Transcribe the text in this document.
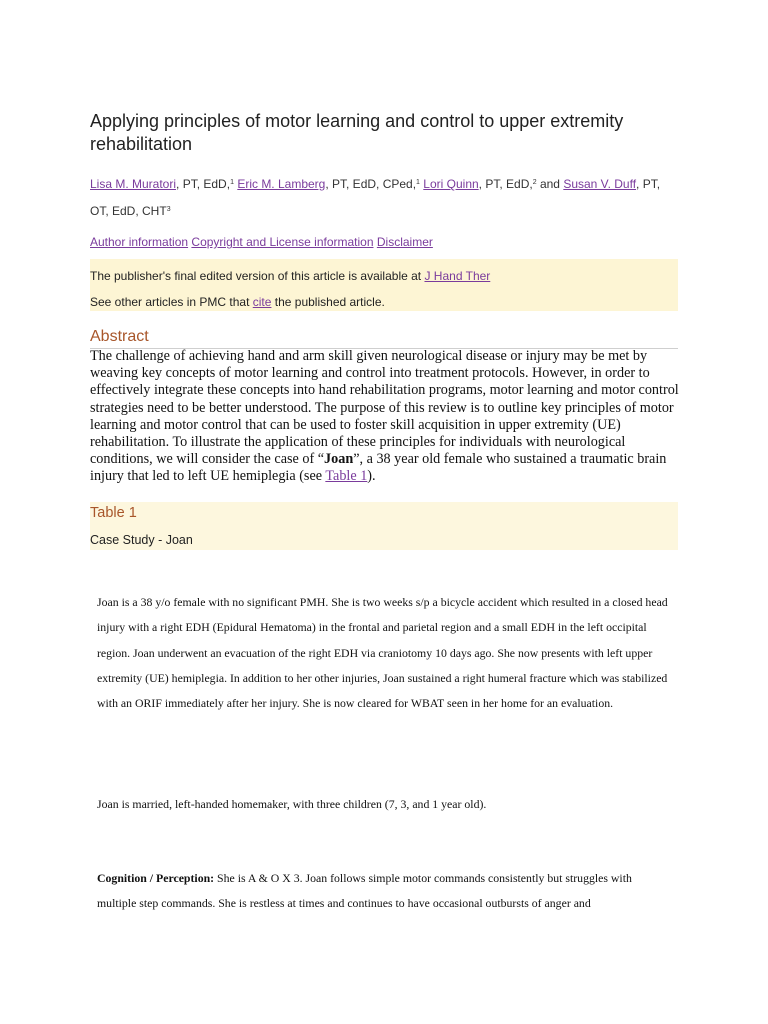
Applying principles of motor learning and control to upper extremity rehabilitation
Lisa M. Muratori, PT, EdD,$^1$ Eric M. Lamberg, PT, EdD, CPed,$^1$ Lori Quinn, PT, EdD,$^2$ and Susan V. Duff, PT, OT, EdD, CHT$^3$
Author information Copyright and License information Disclaimer
The publisher's final edited version of this article is available at J Hand Ther
See other articles in PMC that cite the published article.
Abstract
The challenge of achieving hand and arm skill given neurological disease or injury may be met by weaving key concepts of motor learning and control into treatment protocols. However, in order to effectively integrate these concepts into hand rehabilitation programs, motor learning and motor control strategies need to be better understood. The purpose of this review is to outline key principles of motor learning and motor control that can be used to foster skill acquisition in upper extremity (UE) rehabilitation. To illustrate the application of these principles for individuals with neurological conditions, we will consider the case of “Joan”, a 38 year old female who sustained a traumatic brain injury that led to left UE hemiplegia (see Table 1).
Table 1
Case Study - Joan
Joan is a 38 y/o female with no significant PMH. She is two weeks s/p a bicycle accident which resulted in a closed head injury with a right EDH (Epidural Hematoma) in the frontal and parietal region and a small EDH in the left occipital region. Joan underwent an evacuation of the right EDH via craniotomy 10 days ago. She now presents with left upper extremity (UE) hemiplegia. In addition to her other injuries, Joan sustained a right humeral fracture which was stabilized with an ORIF immediately after her injury. She is now cleared for WBAT seen in her home for an evaluation.
Joan is married, left-handed homemaker, with three children (7, 3, and 1 year old).
Cognition / Perception: She is A & O X 3. Joan follows simple motor commands consistently but struggles with multiple step commands. She is restless at times and continues to have occasional outbursts of anger and
